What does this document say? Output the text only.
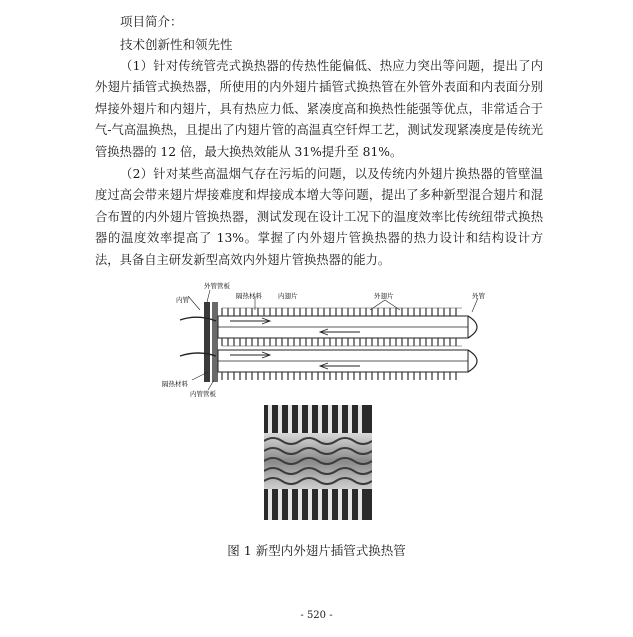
项目简介：
技术创新性和领先性
（1）针对传统管壳式换热器的传热性能偏低、热应力突出等问题，提出了内外翅片插管式换热器，所使用的内外翅片插管式换热管在外管外表面和内表面分别焊接外翅片和内翅片，具有热应力低、紧凑度高和换热性能强等优点，非常适合于气-气高温换热，且提出了内翅片管的高温真空钎焊工艺，测试发现紧凑度是传统光管换热器的 12 倍，最大换热效能从 31%提升至 81%。
（2）针对某些高温烟气存在污垢的问题，以及传统内外翅片换热器的管壁温度过高会带来翅片焊接难度和焊接成本增大等问题，提出了多种新型混合翅片和混合布置的内外翅片管换热器，测试发现在设计工况下的温度效率比传统纽带式换热器的温度效率提高了 13%。掌握了内外翅片管换热器的热力设计和结构设计方法，具备自主研发新型高效内外翅片管换热器的能力。
外管管板
内管	隔热材料 内翅片	外翅片	外管
隔热材料
内管管板
图 1 新型内外翅片插管式换热管
- 520 -
